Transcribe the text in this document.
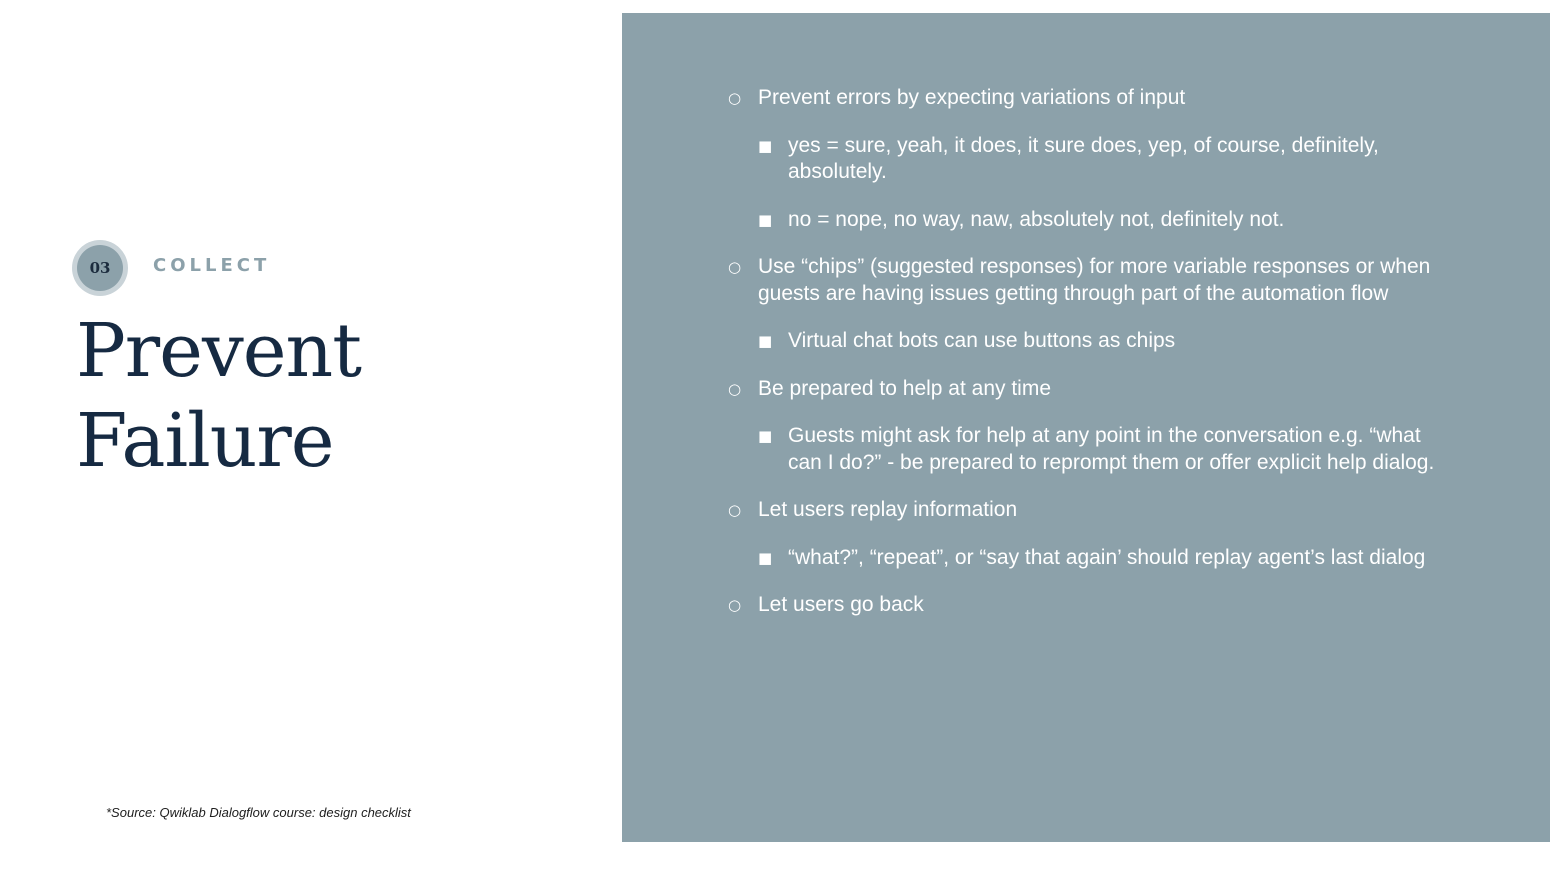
03	COLLECT
Prevent
Failure
*Source: Qwiklab Dialogflow course: design checklist
○ Prevent errors by expecting variations of input
■ yes = sure, yeah, it does, it sure does, yep, of course, definitely, absolutely.
■ no = nope, no way, naw, absolutely not, definitely not.
○ Use “chips” (suggested responses) for more variable responses or when guests are having issues getting through part of the automation flow
■ Virtual chat bots can use buttons as chips
○ Be prepared to help at any time
■ Guests might ask for help at any point in the conversation e.g. “what can I do?” - be prepared to reprompt them or offer explicit help dialog.
○ Let users replay information
■ “what?”, “repeat”, or “say that again’ should replay agent’s last dialog
○ Let users go back
